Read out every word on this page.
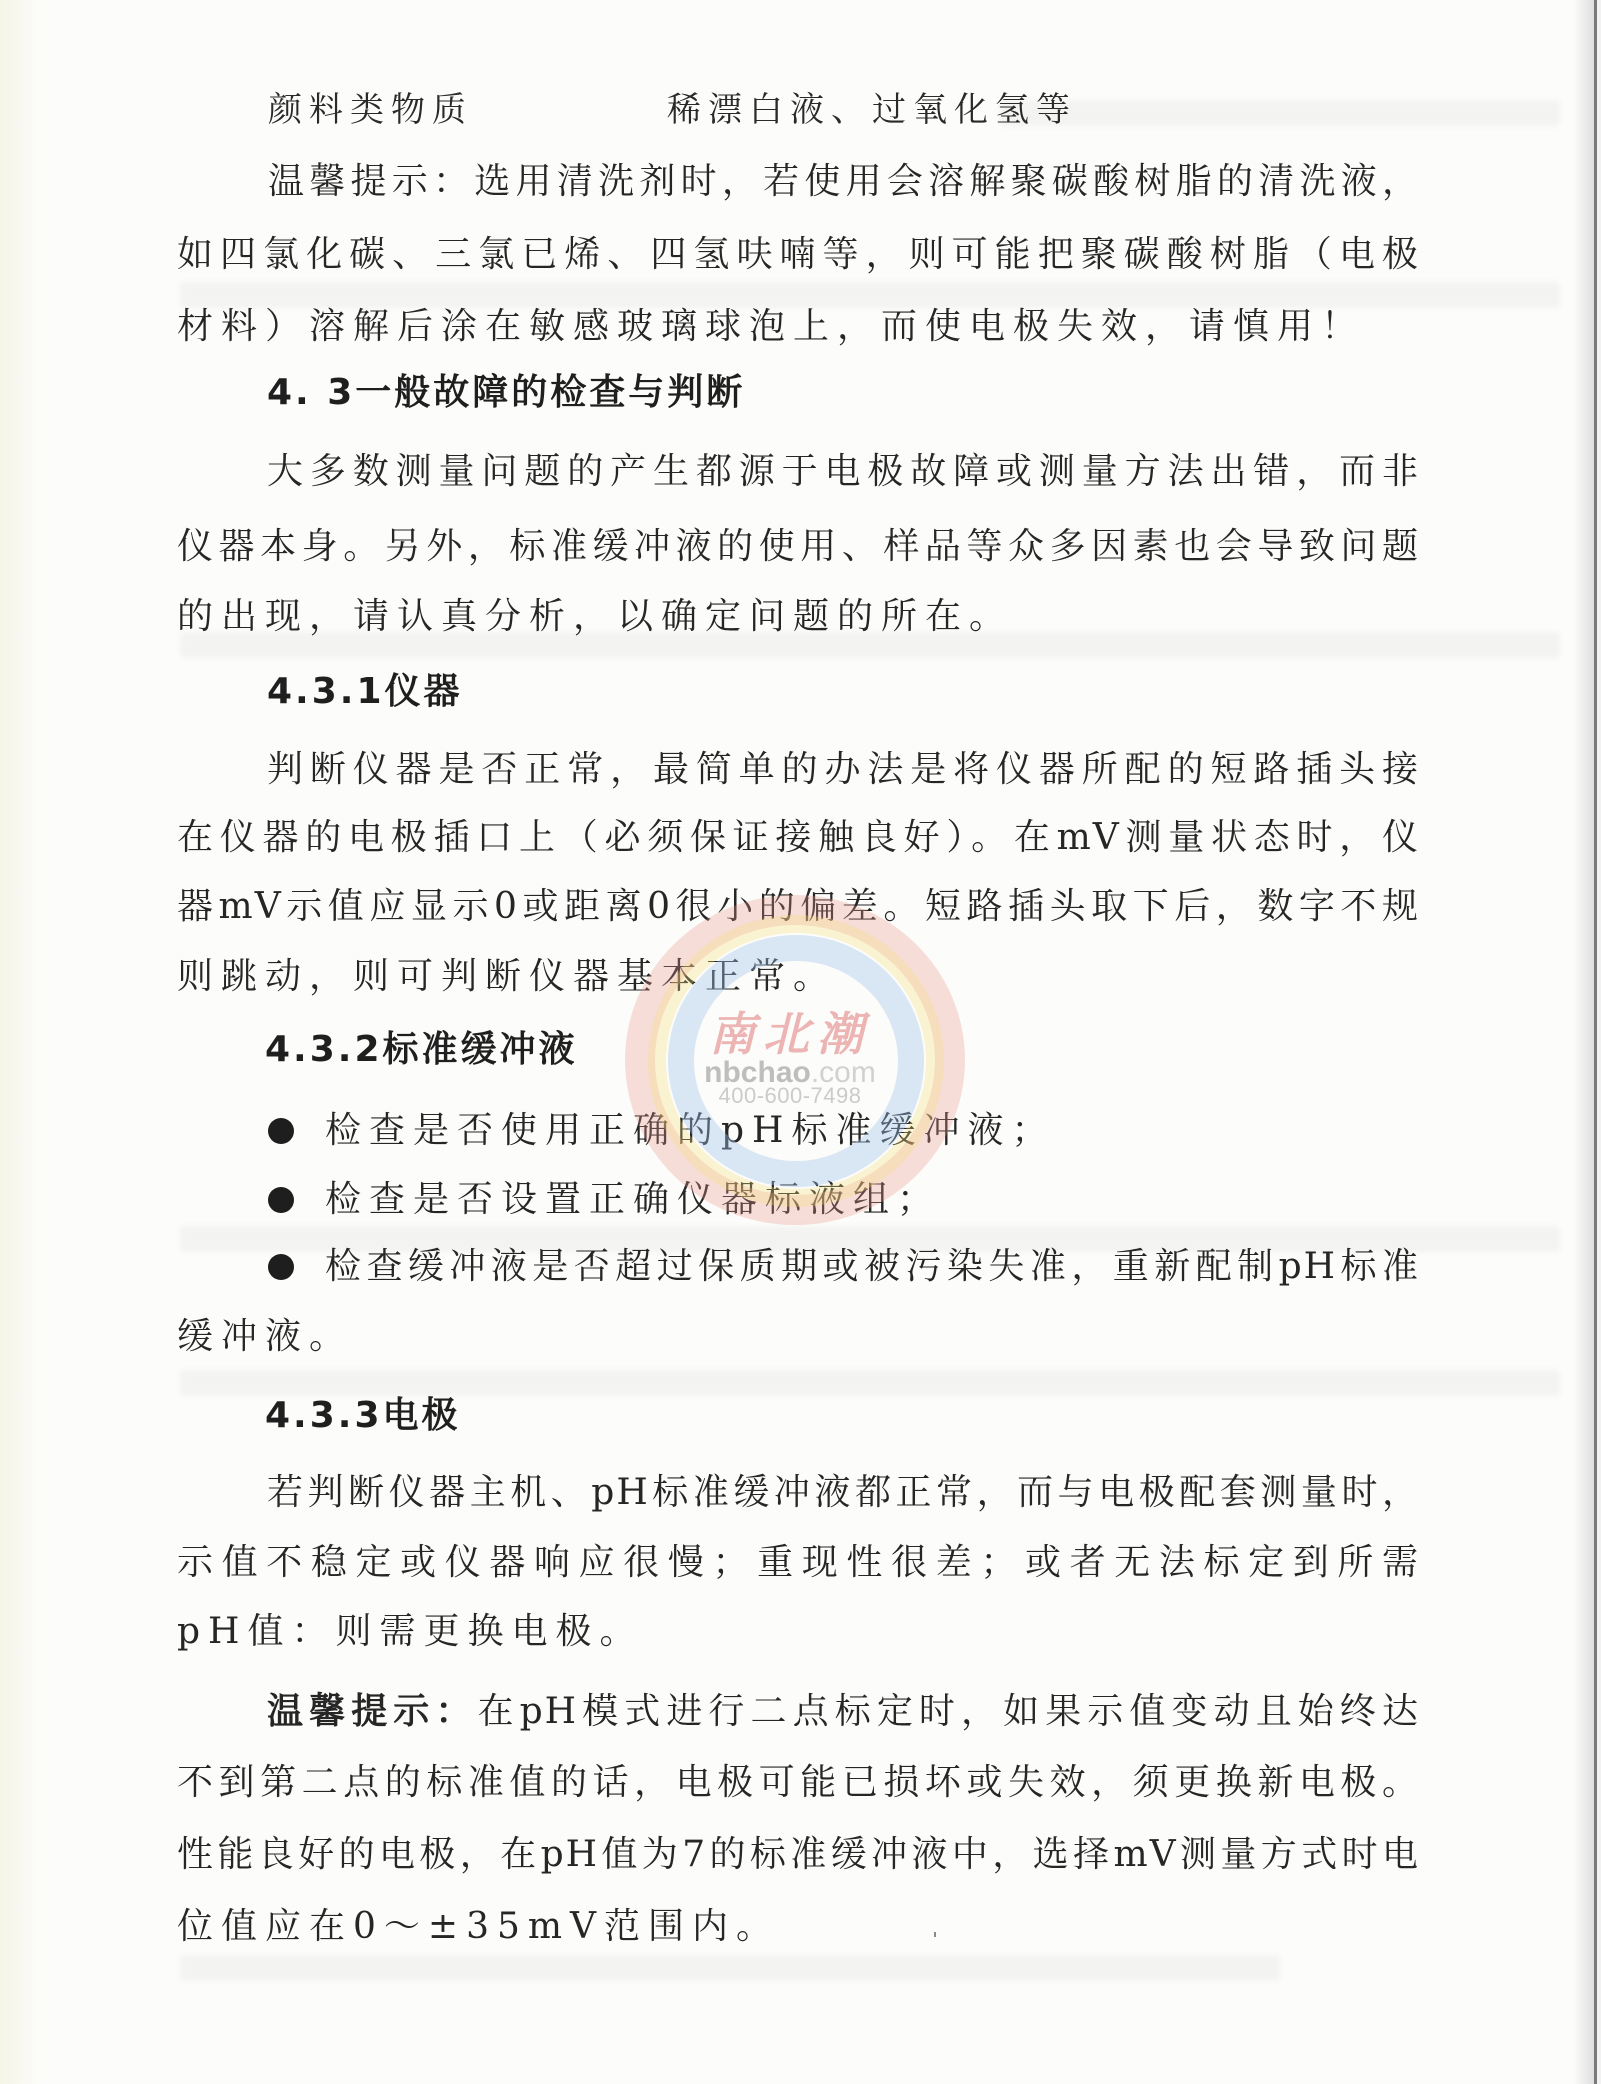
颜料类物质	稀漂白液、过氧化氢等
温馨提示：选用清洗剂时，若使用会溶解聚碳酸树脂的清洗液，
如四氯化碳、三氯已烯、四氢呋喃等，则可能把聚碳酸树脂（电极
材料）溶解后涂在敏感玻璃球泡上，而使电极失效，请慎用！
4. 3一般故障的检查与判断
大多数测量问题的产生都源于电极故障或测量方法出错，而非
仪器本身。另外，标准缓冲液的使用、样品等众多因素也会导致问题
的出现，请认真分析，以确定问题的所在。
4.3.1仪器
判断仪器是否正常，最简单的办法是将仪器所配的短路插头接
在仪器的电极插口上（必须保证接触良好）。在mV测量状态时，仪
器mV示值应显示0或距离0很小的偏差。短路插头取下后，数字不规
则跳动，则可判断仪器基本正常。
4.3.2标准缓冲液
检查是否使用正确的pH标准缓冲液；
检查是否设置正确仪器标液组；
检查缓冲液是否超过保质期或被污染失准，重新配制pH标准
缓冲液。
4.3.3电极
若判断仪器主机、pH标准缓冲液都正常，而与电极配套测量时，
示值不稳定或仪器响应很慢；重现性很差；或者无法标定到所需
pH值：则需更换电极。
温馨提示：在pH模式进行二点标定时，如果示值变动且始终达
不到第二点的标准值的话，电极可能已损坏或失效，须更换新电极。
性能良好的电极，在pH值为7的标准缓冲液中，选择mV测量方式时电
位值应在0～±35mV范围内。
南北潮
nbchao.com
400-600-7498
